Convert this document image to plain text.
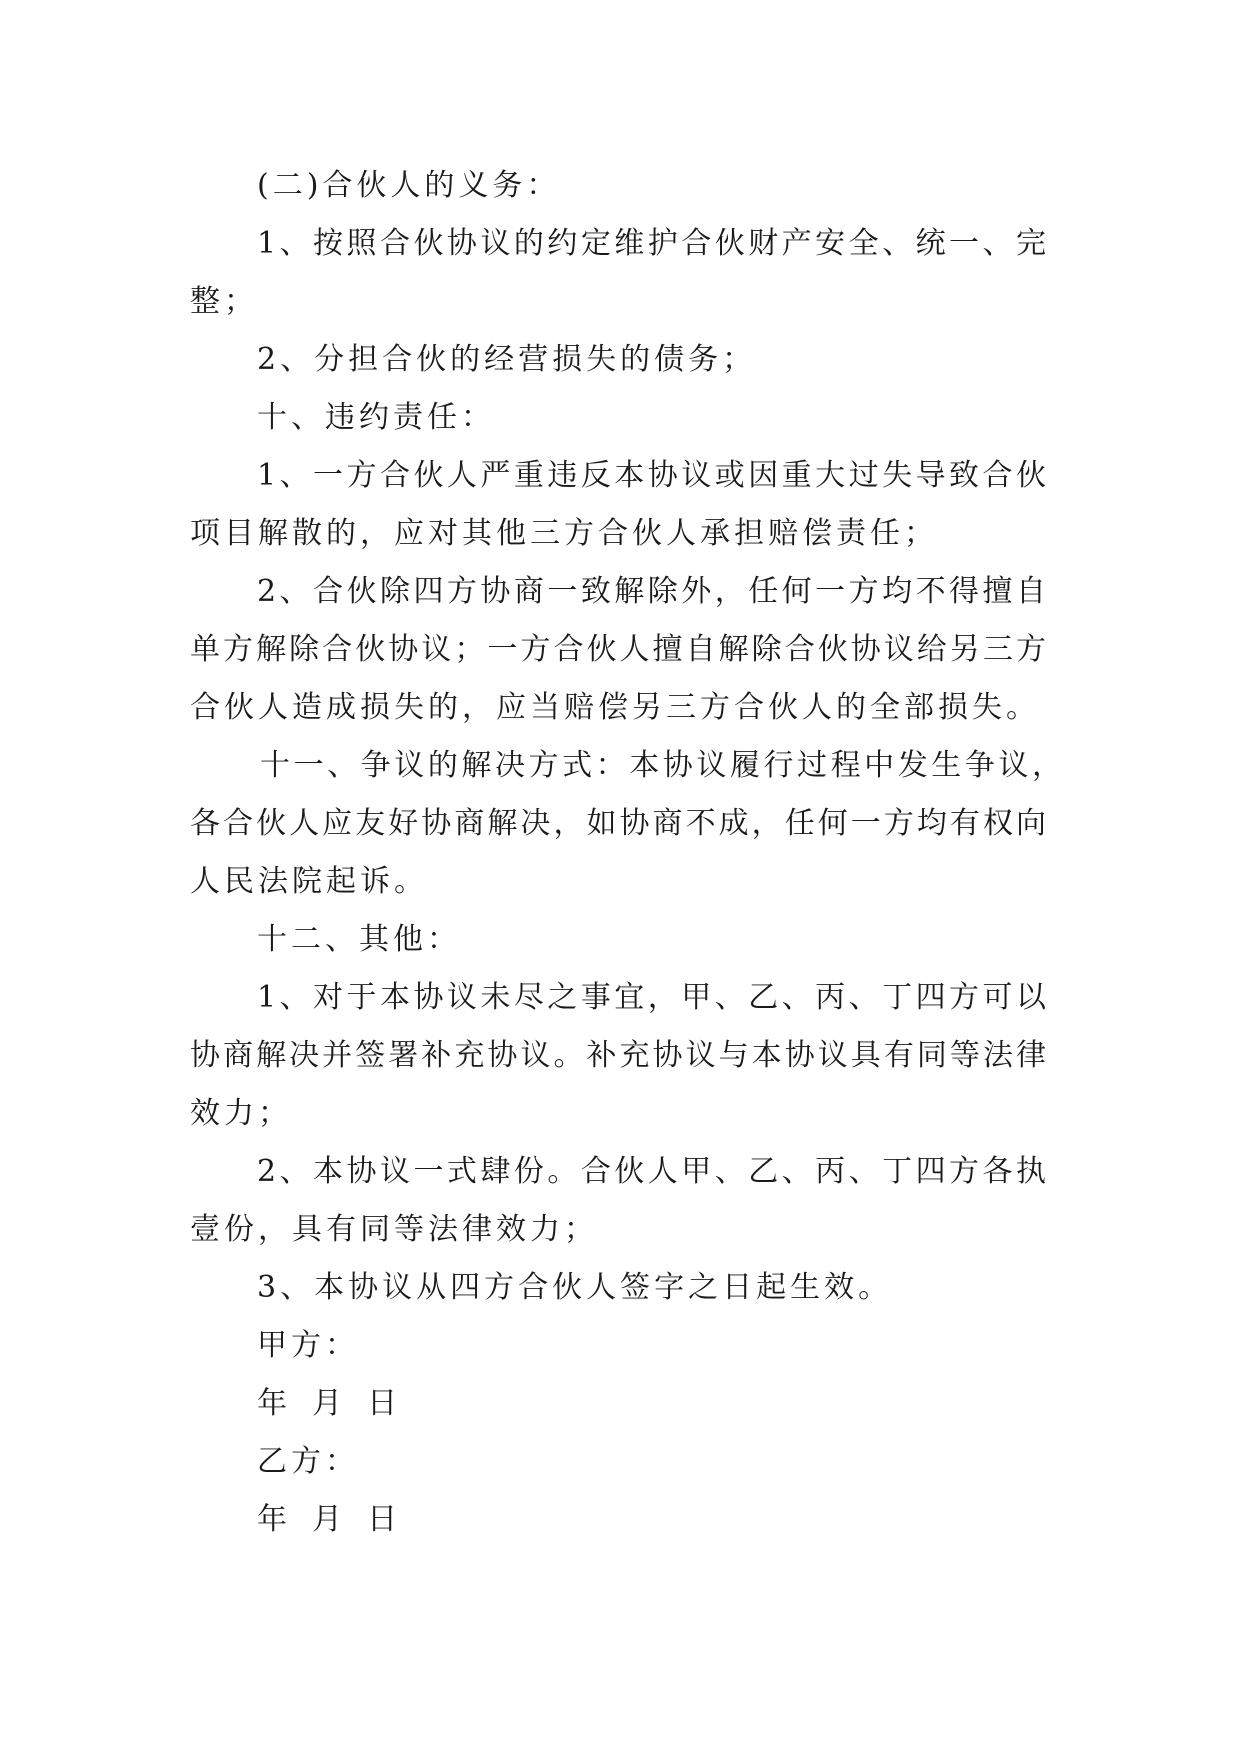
(二)合伙人的义务：
1、按照合伙协议的约定维护合伙财产安全、统一、完
整；
2、分担合伙的经营损失的债务；
十、违约责任：
1、一方合伙人严重违反本协议或因重大过失导致合伙
项目解散的，应对其他三方合伙人承担赔偿责任；
2、合伙除四方协商一致解除外，任何一方均不得擅自
单方解除合伙协议；一方合伙人擅自解除合伙协议给另三方
合伙人造成损失的，应当赔偿另三方合伙人的全部损失。
十一、争议的解决方式：本协议履行过程中发生争议，
各合伙人应友好协商解决，如协商不成，任何一方均有权向
人民法院起诉。
十二、其他：
1、对于本协议未尽之事宜，甲、乙、丙、丁四方可以
协商解决并签署补充协议。补充协议与本协议具有同等法律
效力；
2、本协议一式肆份。合伙人甲、乙、丙、丁四方各执
壹份，具有同等法律效力；
3、本协议从四方合伙人签字之日起生效。
甲方：
年  月  日
乙方：
年  月  日
